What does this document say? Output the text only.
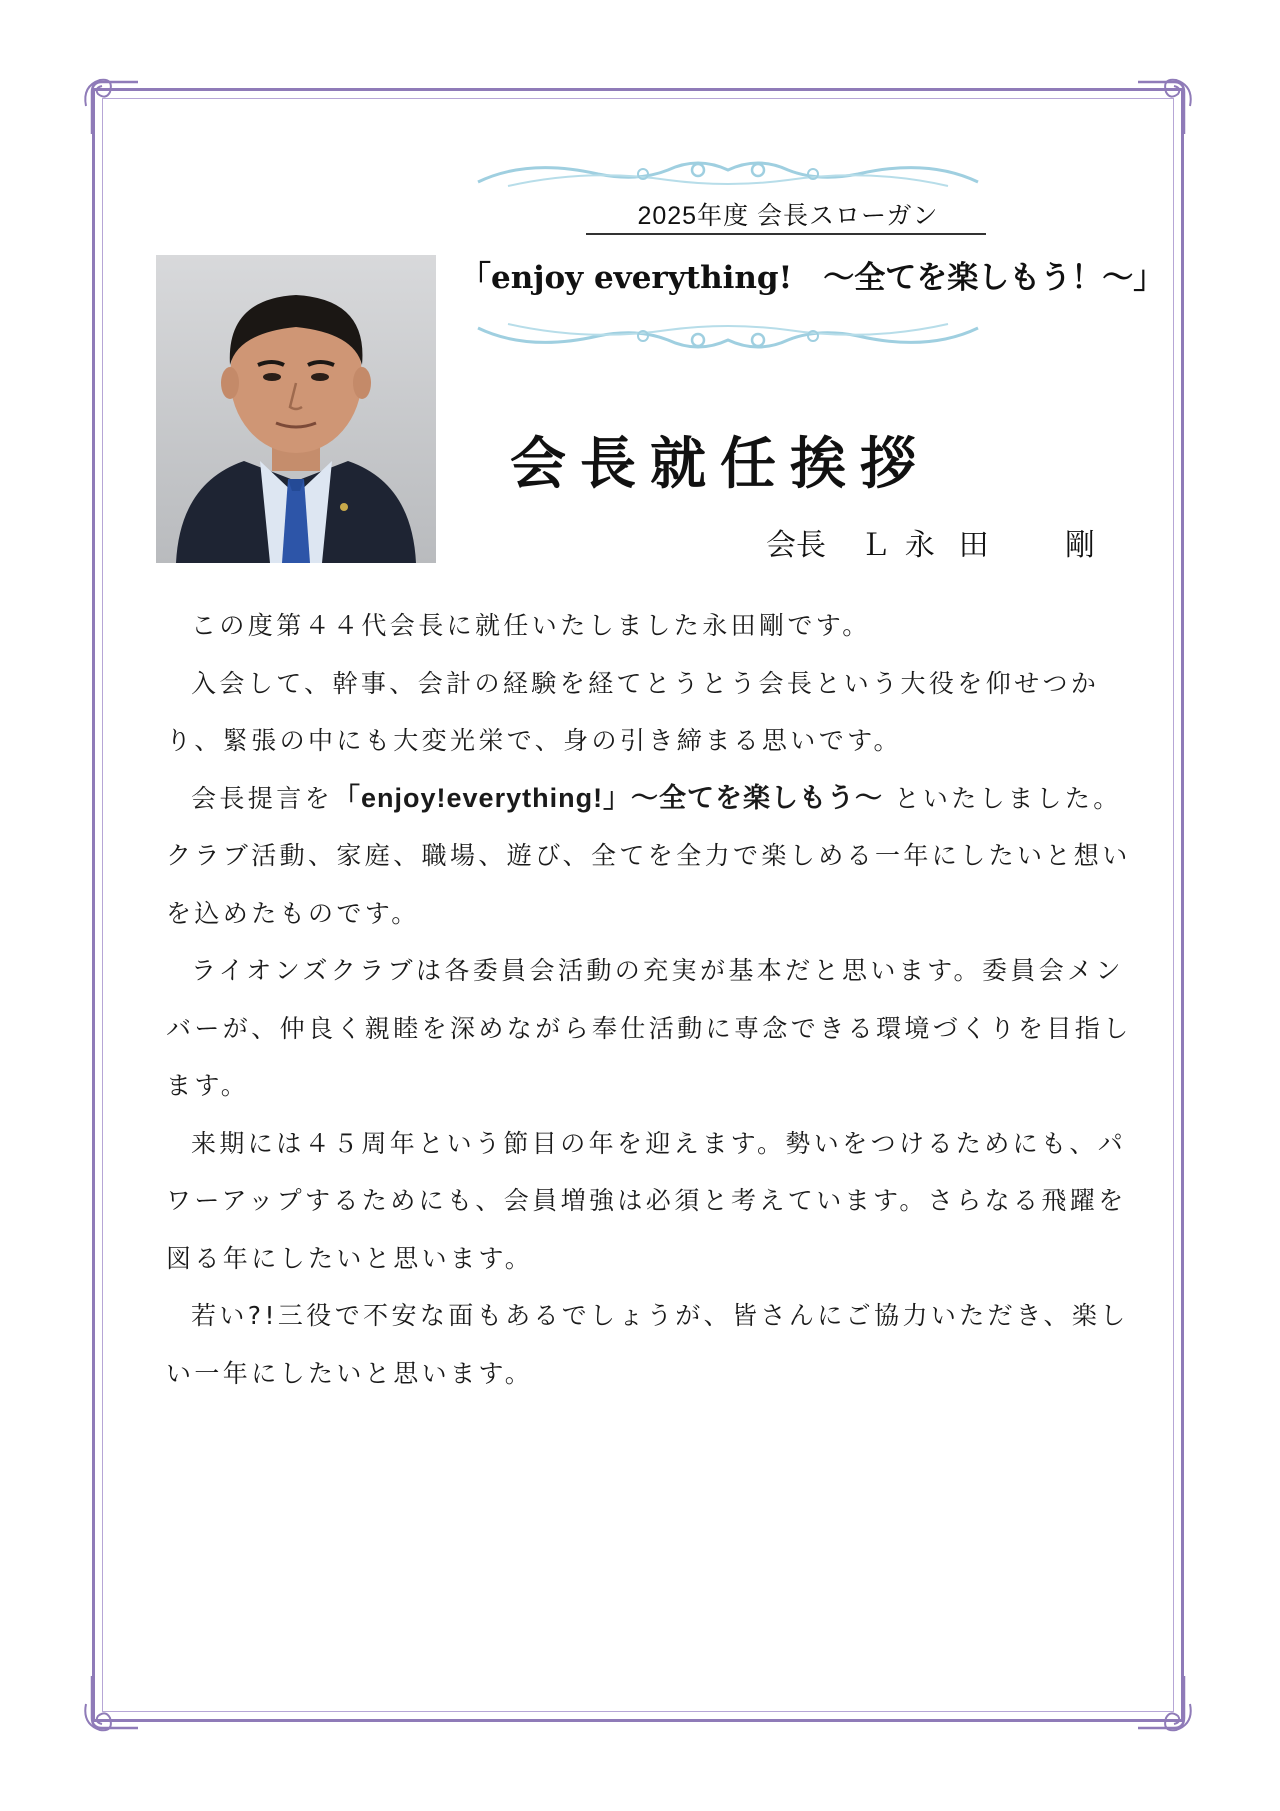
2025年度 会長スローガン
「enjoy everything!　～全てを楽しもう！～」
会長就任挨拶
会長 Ｌ 永田 剛

この度第４４代会長に就任いたしました永田剛です。

入会して、幹事、会計の経験を経てとうとう会長という大役を仰せつかり、緊張の中にも大変光栄で、身の引き締まる思いです。

会長提言を「enjoy!everything!」～全てを楽しもう～ といたしました。クラブ活動、家庭、職場、遊び、全てを全力で楽しめる一年にしたいと想いを込めたものです。

ライオンズクラブは各委員会活動の充実が基本だと思います。委員会メンバーが、仲良く親睦を深めながら奉仕活動に専念できる環境づくりを目指します。

来期には４５周年という節目の年を迎えます。勢いをつけるためにも、パワーアップするためにも、会員増強は必須と考えています。さらなる飛躍を図る年にしたいと思います。

若い?!三役で不安な面もあるでしょうが、皆さんにご協力いただき、楽しい一年にしたいと思います。
